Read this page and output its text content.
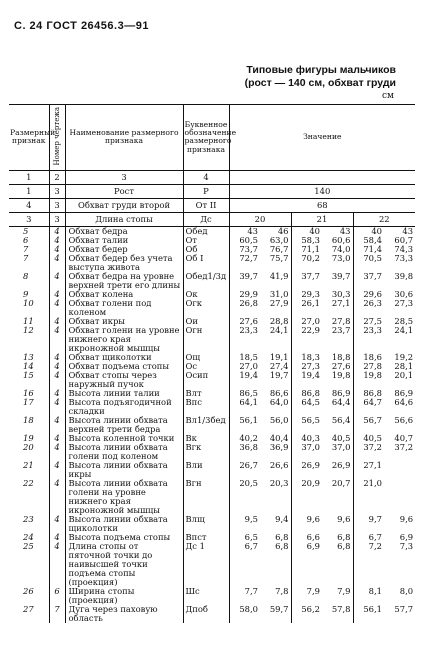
С. 24 ГОСТ 26456.3—91
Типовые фигуры мальчиков
(рост — 140 см, обхват груди
см
Размерный признак	Номер чертежа	Наименование размерного признака	Буквенное обозначение размерного признака	Значение					
1	2	3	4						
1	3	Рост	Р	140					
4	3	Обхват груди второй	От II	68					
3	3	Длина стопы	Дс	20		21		22	
5	4	Обхват бедра	Обед	43	46	40	43	40	43
6	4	Обхват талии	От	60,5	63,0	58,3	60,6	58,4	60,7
7	4	Обхват бедер	Об	73,7	76,7	71,1	74,0	71,4	74,3
7	4	Обхват бедер без учета выступа живота	Об I	72,7	75,7	70,2	73,0	70,5	73,3
8	4	Обхват бедра на уровне верхней трети его длины	Обед1/3д	39,7	41,9	37,7	39,7	37,7	39,8
9	4	Обхват колена	Ок	29,9	31,0	29,3	30,3	29,6	30,6
10	4	Обхват голени под коленом	Огк	26,8	27,9	26,1	27,1	26,3	27,3
11	4	Обхват икры	Ои	27,6	28,8	27,0	27,8	27,5	28,5
12	4	Обхват голени на уровне нижнего края икроножной мышцы	Огн	23,3	24,1	22,9	23,7	23,3	24,1
13	4	Обхват щиколотки	Ощ	18,5	19,1	18,3	18,8	18,6	19,2
14	4	Обхват подъема стопы	Ос	27,0	27,4	27,3	27,6	27,8	28,1
15	4	Обхват стопы через наружный пучок	Осип	19,4	19,7	19,4	19,8	19,8	20,1
16	4	Высота линии талии	Влт	86,5	86,6	86,8	86,9	86,8	86,9
17	4	Высота подъягодичной складки	Впс	64,1	64,0	64,5	64,4	64,7	64,6
18	4	Высота линии обхвата верхней трети бедра	Вл1/3бед	56,1	56,0	56,5	56,4	56,7	56,6
19	4	Высота коленной точки	Вк	40,2	40,4	40,3	40,5	40,5	40,7
20	4	Высота линии обхвата голени под коленом	Вгк	36,8	36,9	37,0	37,0	37,2	37,2
21	4	Высота линии обхвата икры	Вли	26,7	26,6	26,9	26,9	27,1	
22	4	Высота линии обхвата голени на уровне нижнего края икроножной мышцы	Вгн	20,5	20,3	20,9	20,7	21,0	
23	4	Высота линии обхвата щиколотки	Влщ	9,5	9,4	9,6	9,6	9,7	9,6
24	4	Высота подъема стопы	Впст	6,5	6,8	6,6	6,8	6,7	6,9
25	4	Длина стопы от пяточной точки до наивысшей точки подъема стопы (проекция)	Дс 1	6,7	6,8	6,9	6,8	7,2	7,3
26	6	Ширина стопы (проекция)	Шс	7,7	7,8	7,9	7,9	8,1	8,0
27	7	Дуга через паховую область	Дпоб	58,0	59,7	56,2	57,8	56,1	57,7
